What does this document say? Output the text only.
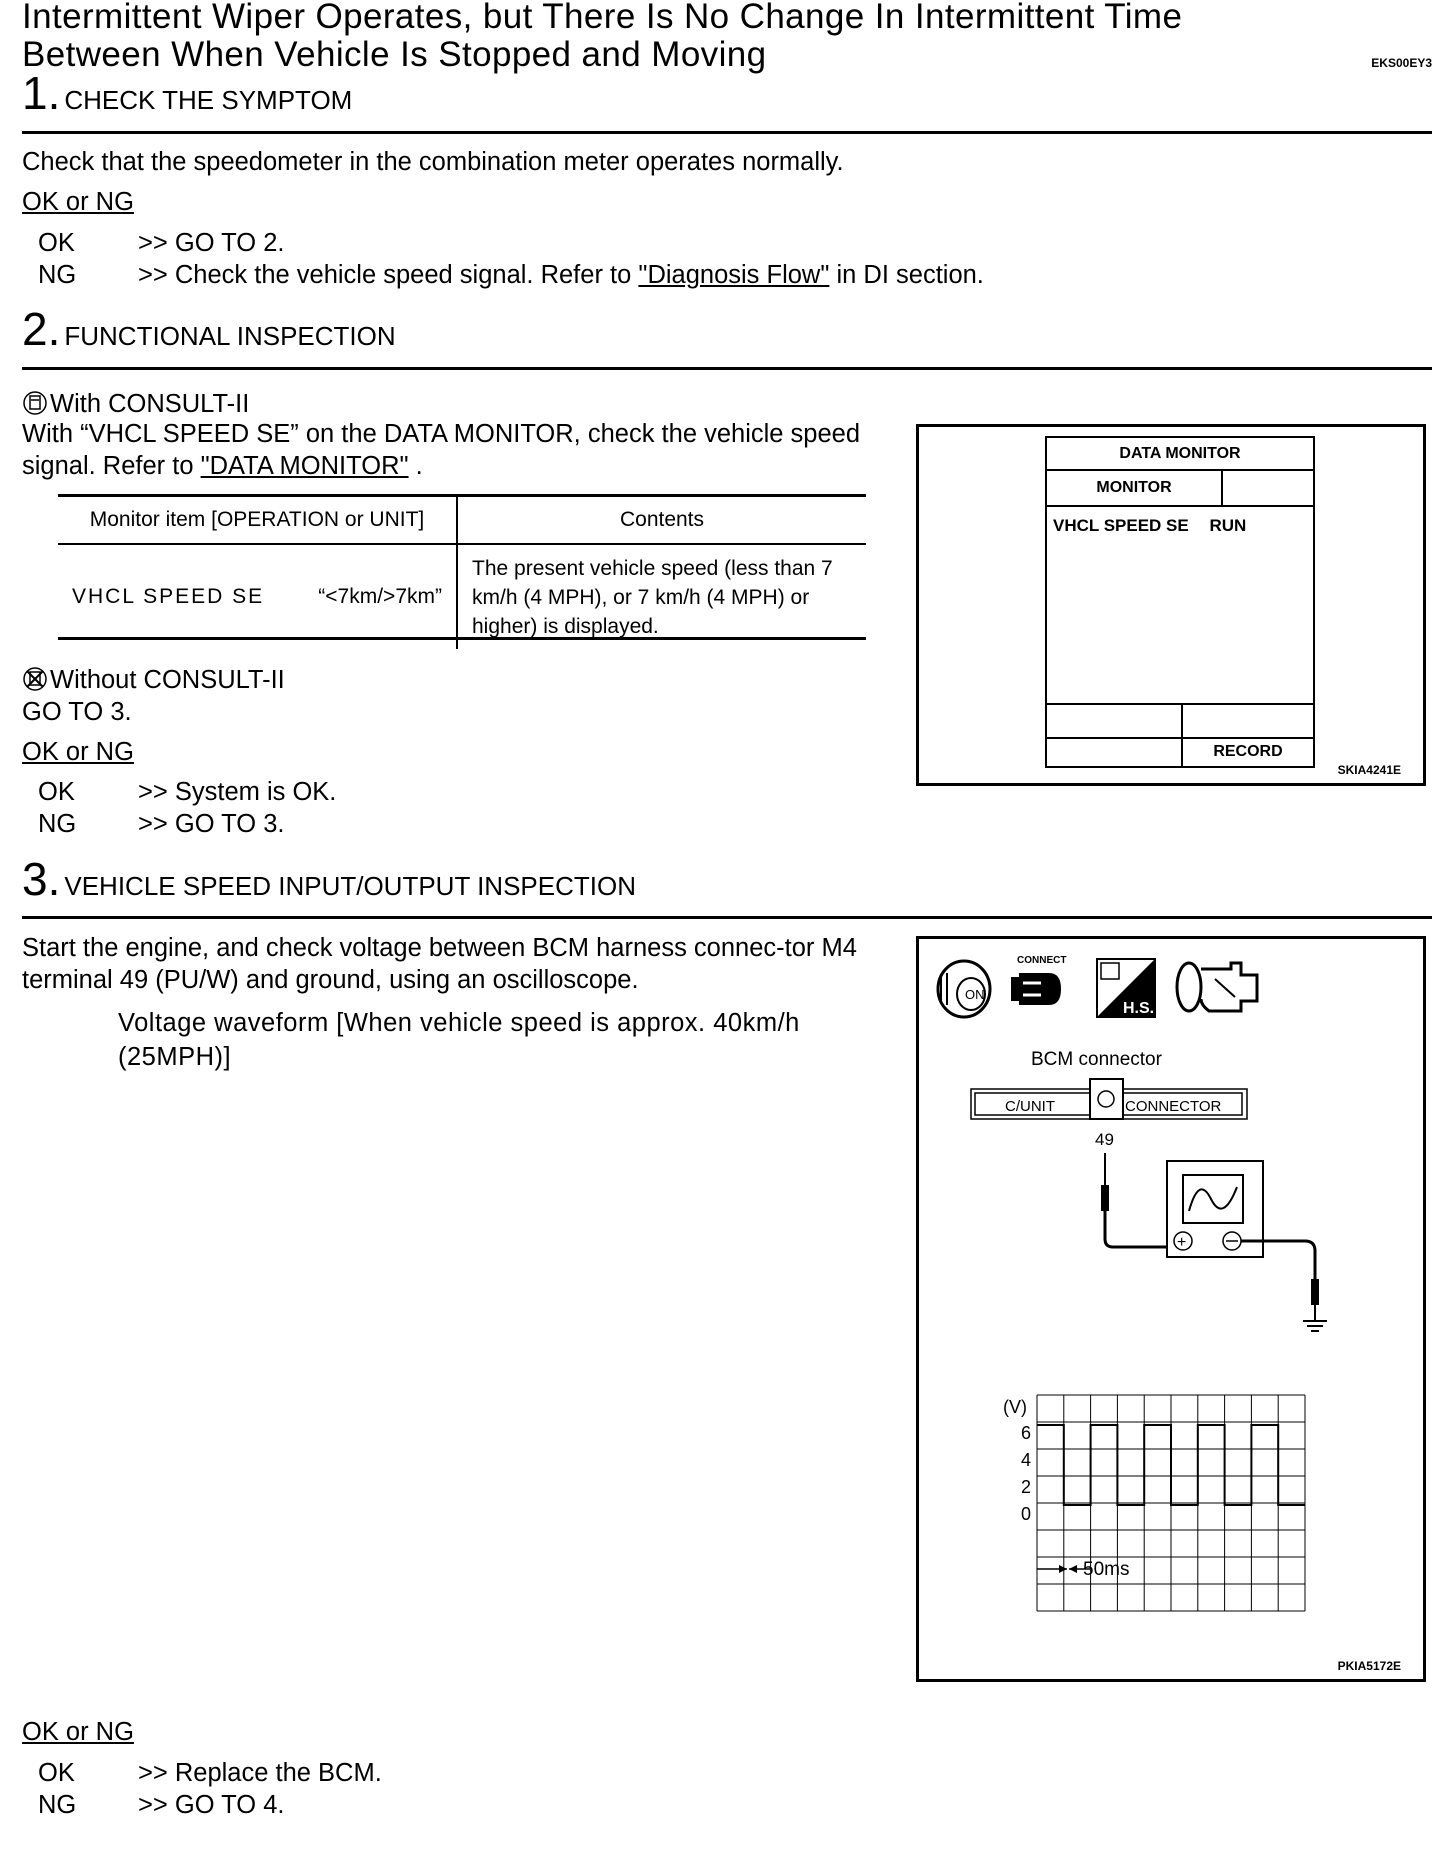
Intermittent Wiper Operates, but There Is No Change In Intermittent Time
Between When Vehicle Is Stopped and Moving	EKS00EY3
1. CHECK THE SYMPTOM
Check that the speedometer in the combination meter operates normally.
OK or NG
OK >> GO TO 2.
NG >> Check the vehicle speed signal. Refer to "Diagnosis Flow" in DI section.
2. FUNCTIONAL INSPECTION
With CONSULT-II
With “VHCL SPEED SE” on the DATA MONITOR, check the vehicle speed signal. Refer to "DATA MONITOR" .
Monitor item [OPERATION or UNIT]	Contents
VHCL SPEED SE “<7km/>7km”	The present vehicle speed (less than 7 km/h (4 MPH), or 7 km/h (4 MPH) or higher) is displayed.
Without CONSULT-II
GO TO 3.
OK or NG
OK >> System is OK.
NG >> GO TO 3.
DATA MONITOR
MONITOR
VHCL SPEED SE RUN
RECORD
SKIA4241E
3. VEHICLE SPEED INPUT/OUTPUT INSPECTION
Start the engine, and check voltage between BCM harness connec-tor M4 terminal 49 (PU/W) and ground, using an oscilloscope.
Voltage waveform [When vehicle speed is approx. 40km/h (25MPH)]
ON
CONNECT
H.S.
BCM connector
C/UNIT	CONNECTOR
49
+
(V)
6
4
2
0
50ms
PKIA5172E
OK or NG
OK >> Replace the BCM.
NG >> GO TO 4.
